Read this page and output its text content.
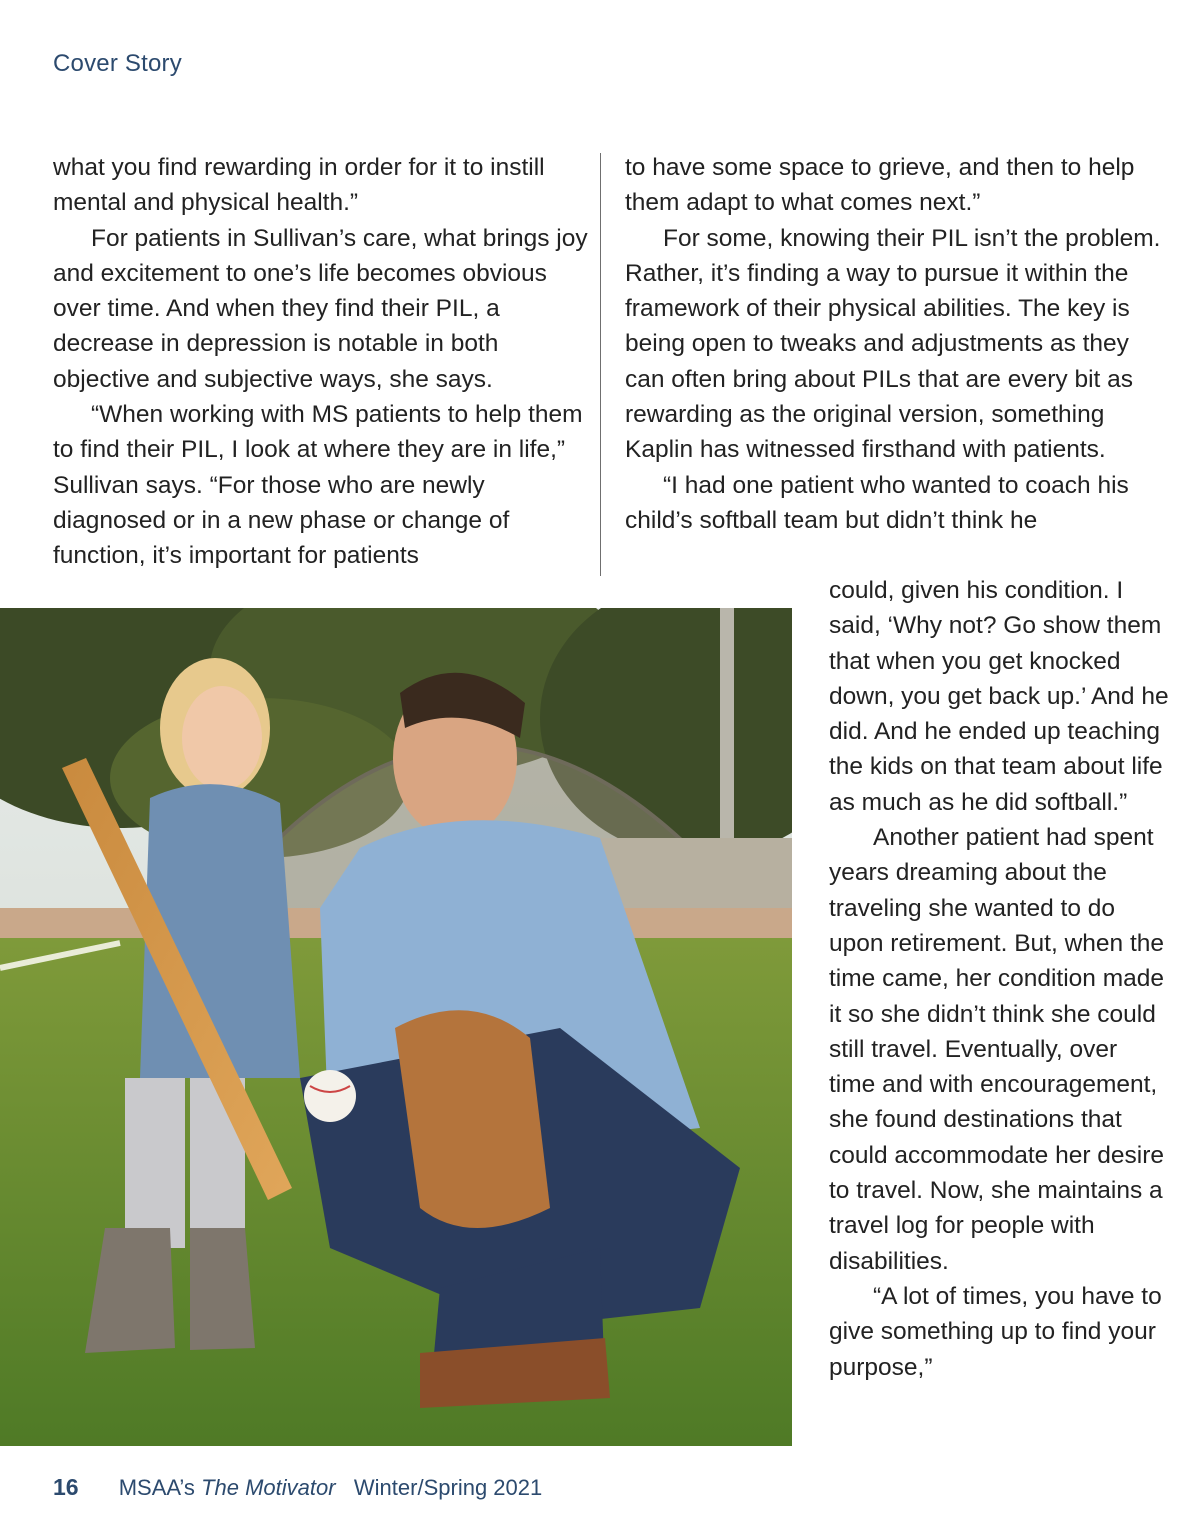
Cover Story

what you find rewarding in order for it to instill mental and physical health.”

For patients in Sullivan’s care, what brings joy and excitement to one’s life becomes obvious over time. And when they find their PIL, a decrease in depression is notable in both objective and subjective ways, she says.

“When working with MS patients to help them to find their PIL, I look at where they are in life,” Sullivan says. “For those who are newly diagnosed or in a new phase or change of function, it’s important for patients

to have some space to grieve, and then to help them adapt to what comes next.”

For some, knowing their PIL isn’t the problem. Rather, it’s finding a way to pursue it within the framework of their physical abilities. The key is being open to tweaks and adjustments as they can often bring about PILs that are every bit as rewarding as the original version, something Kaplin has witnessed firsthand with patients.

“I had one patient who wanted to coach his child’s softball team but didn’t think he

could, given his condition. I said, ‘Why not? Go show them that when you get knocked down, you get back up.’ And he did. And he ended up teaching the kids on that team about life as much as he did softball.”

Another patient had spent years dreaming about the traveling she wanted to do upon retirement. But, when the time came, her condition made it so she didn’t think she could still travel. Eventually, over time and with encouragement, she found destinations that could accommodate her desire to travel. Now, she maintains a travel log for people with disabilities.

“A lot of times, you have to give something up to find your purpose,”

16 MSAA’s The Motivator Winter/Spring 2021
